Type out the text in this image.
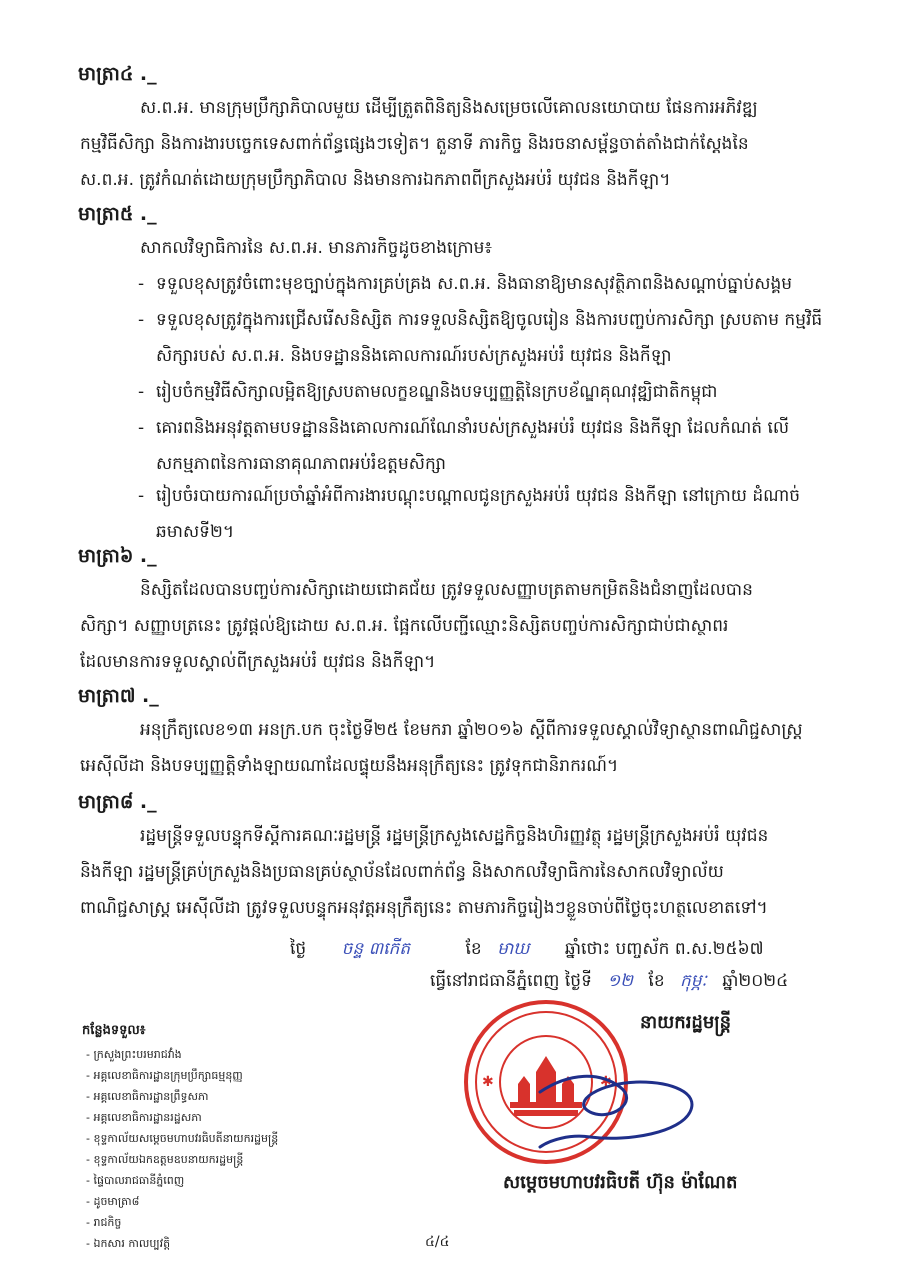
មាត្រា៤ ._
ស.ព.អ. មានក្រុមប្រឹក្សាភិបាលមួយ ដើម្បីត្រួតពិនិត្យនិងសម្រេចលើគោលនយោបាយ ផែនការអភិវឌ្ឍ
កម្មវិធីសិក្សា និងការងារបច្ចេកទេសពាក់ព័ន្ធផ្សេងៗទៀត។ តួនាទី ភារកិច្ច និងរចនាសម្ព័ន្ធចាត់តាំងជាក់ស្តែងនៃ
ស.ព.អ. ត្រូវកំណត់ដោយក្រុមប្រឹក្សាភិបាល និងមានការឯកភាពពីក្រសួងអប់រំ យុវជន និងកីឡា។
មាត្រា៥ ._
សាកលវិទ្យាធិការនៃ ស.ព.អ. មានភារកិច្ចដូចខាងក្រោម៖
- ទទួលខុសត្រូវចំពោះមុខច្បាប់ក្នុងការគ្រប់គ្រង ស.ព.អ. និងធានាឱ្យមានសុវត្ថិភាពនិងសណ្តាប់ធ្នាប់សង្គម
- ទទួលខុសត្រូវក្នុងការជ្រើសរើសនិស្សិត ការទទួលនិស្សិតឱ្យចូលរៀន និងការបញ្ចប់ការសិក្សា ស្របតាម កម្មវិធីសិក្សារបស់ ស.ព.អ. និងបទដ្ឋាននិងគោលការណ៍របស់ក្រសួងអប់រំ យុវជន និងកីឡា
- រៀបចំកម្មវិធីសិក្សាលម្អិតឱ្យស្របតាមលក្ខខណ្ឌនិងបទប្បញ្ញត្តិនៃក្របខ័ណ្ឌគុណវុឌ្ឍិជាតិកម្ពុជា
- គោរពនិងអនុវត្តតាមបទដ្ឋាននិងគោលការណ៍ណែនាំរបស់ក្រសួងអប់រំ យុវជន និងកីឡា ដែលកំណត់ លើសកម្មភាពនៃការធានាគុណភាពអប់រំឧត្តមសិក្សា
- រៀបចំរបាយការណ៍ប្រចាំឆ្នាំអំពីការងារបណ្តុះបណ្តាលជូនក្រសួងអប់រំ យុវជន និងកីឡា នៅក្រោយ ដំណាច់ឆមាសទី២។
មាត្រា៦ ._
និស្សិតដែលបានបញ្ចប់ការសិក្សាដោយជោគជ័យ ត្រូវទទួលសញ្ញាបត្រតាមកម្រិតនិងជំនាញដែលបាន
សិក្សា។ សញ្ញាបត្រនេះ ត្រូវផ្តល់ឱ្យដោយ ស.ព.អ. ផ្អែកលើបញ្ជីឈ្មោះនិស្សិតបញ្ចប់ការសិក្សាជាប់ជាស្ថាពរ
ដែលមានការទទួលស្គាល់ពីក្រសួងអប់រំ យុវជន និងកីឡា។
មាត្រា៧ ._
អនុក្រឹត្យលេខ១៣ អនក្រ.បក ចុះថ្ងៃទី២៥ ខែមករា ឆ្នាំ២០១៦ ស្តីពីការទទួលស្គាល់វិទ្យាស្ថានពាណិជ្ជសាស្ត្រ
អេស៊ីលីដា និងបទប្បញ្ញត្តិទាំងឡាយណាដែលផ្ទុយនឹងអនុក្រឹត្យនេះ ត្រូវទុកជានិរាករណ៍។
មាត្រា៨ ._
រដ្ឋមន្ត្រីទទួលបន្ទុកទីស្តីការគណៈរដ្ឋមន្ត្រី រដ្ឋមន្ត្រីក្រសួងសេដ្ឋកិច្ចនិងហិរញ្ញវត្ថុ រដ្ឋមន្ត្រីក្រសួងអប់រំ យុវជន
និងកីឡា រដ្ឋមន្ត្រីគ្រប់ក្រសួងនិងប្រធានគ្រប់ស្ថាប័នដែលពាក់ព័ន្ធ និងសាកលវិទ្យាធិការនៃសាកលវិទ្យាល័យ
ពាណិជ្ជសាស្ត្រ អេស៊ីលីដា ត្រូវទទួលបន្ទុកអនុវត្តអនុក្រឹត្យនេះ តាមភារកិច្ចរៀងៗខ្លួនចាប់ពីថ្ងៃចុះហត្ថលេខាតទៅ។
ថ្ងៃ ចន្ទ ៣កើត	ខែ មាឃ ឆ្នាំថោះ បញ្ចស័ក ព.ស.២៥៦៧
ធ្វើនៅរាជធានីភ្នំពេញ ថ្ងៃទី ១២ ខែ កុម្ភៈ ឆ្នាំ២០២៤
✱	✱
នាយករដ្ឋមន្ត្រី
សម្តេចមហាបវរធិបតី ហ៊ុន ម៉ាណែត
កន្លែងទទួល៖
- ក្រសួងព្រះបរមរាជវាំង
- អគ្គលេខាធិការដ្ឋានក្រុមប្រឹក្សាធម្មនុញ្ញ
- អគ្គលេខាធិការដ្ឋានព្រឹទ្ធសភា
- អគ្គលេខាធិការដ្ឋានរដ្ឋសភា
- ខុទ្ទកាល័យសម្តេចមហាបវរធិបតីនាយករដ្ឋមន្ត្រី
- ខុទ្ទកាល័យឯកឧត្តមឧបនាយករដ្ឋមន្ត្រី
- ផ្ទៃបាលរាជធានីភ្នំពេញ
- ដូចមាត្រា៨
- រាជកិច្ច
- ឯកសារ កាលប្បវត្តិ	៤/៤
